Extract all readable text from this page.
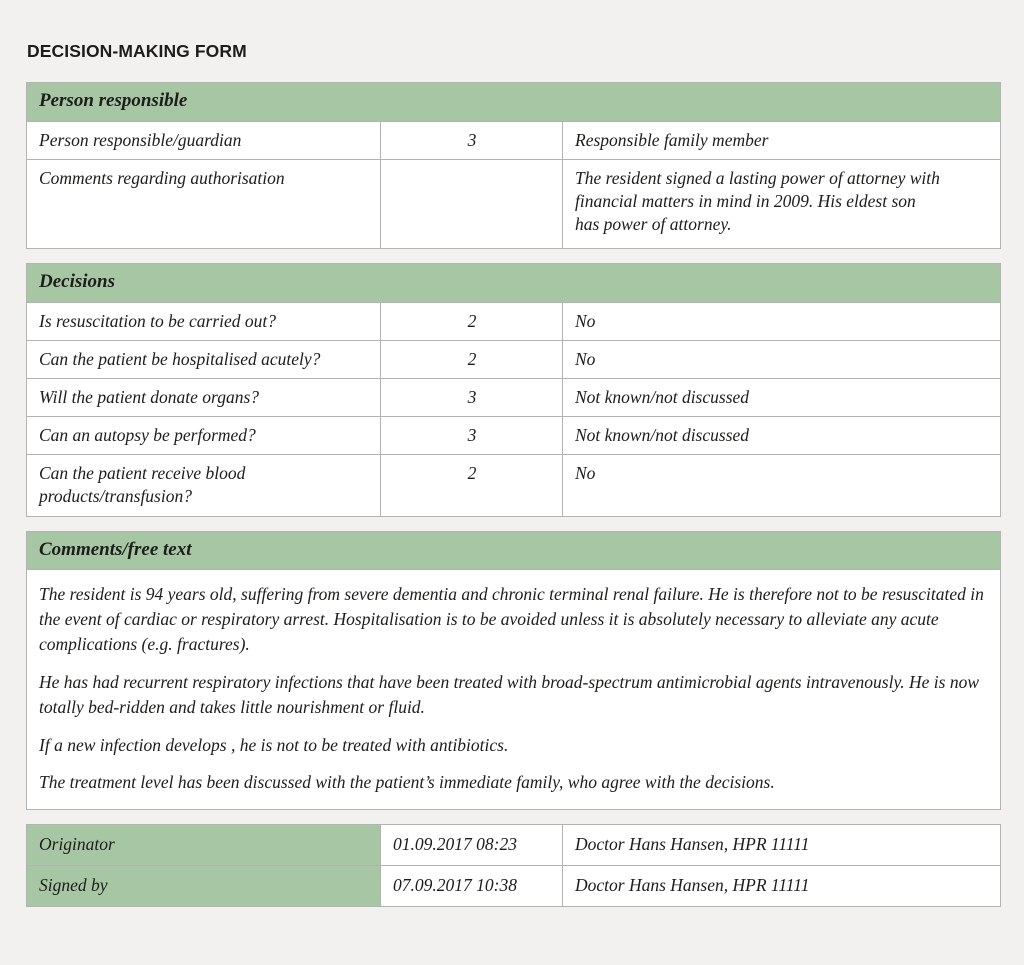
DECISION-MAKING FORM
Person responsible
Person responsible/guardian	3	Responsible family member
Comments regarding authorisation		The resident signed a lasting power of attorney with
financial matters in mind in 2009. His eldest son
has power of attorney.
Decisions
Is resuscitation to be carried out?	2	No
Can the patient be hospitalised acutely?	2	No
Will the patient donate organs?	3	Not known/not discussed
Can an autopsy be performed?	3	Not known/not discussed

Can the patient receive blood
products/transfusion?	2	No
Comments/free text

The resident is 94 years old, suffering from severe dementia and chronic terminal renal failure. He is therefore not to be resuscitated in the event of cardiac or respiratory arrest. Hospitalisation is to be avoided unless it is absolutely necessary to alleviate any acute complications (e.g. fractures).

He has had recurrent respiratory infections that have been treated with broad-spectrum antimicrobial agents intravenously. He is now totally bed-ridden and takes little nourishment or fluid.

If a new infection develops , he is not to be treated with antibiotics.

The treatment level has been discussed with the patient’s immediate family, who agree with the decisions.

Originator	01.09.2017 08:23	Doctor Hans Hansen, HPR 11111
Signed by	07.09.2017 10:38	Doctor Hans Hansen, HPR 11111
